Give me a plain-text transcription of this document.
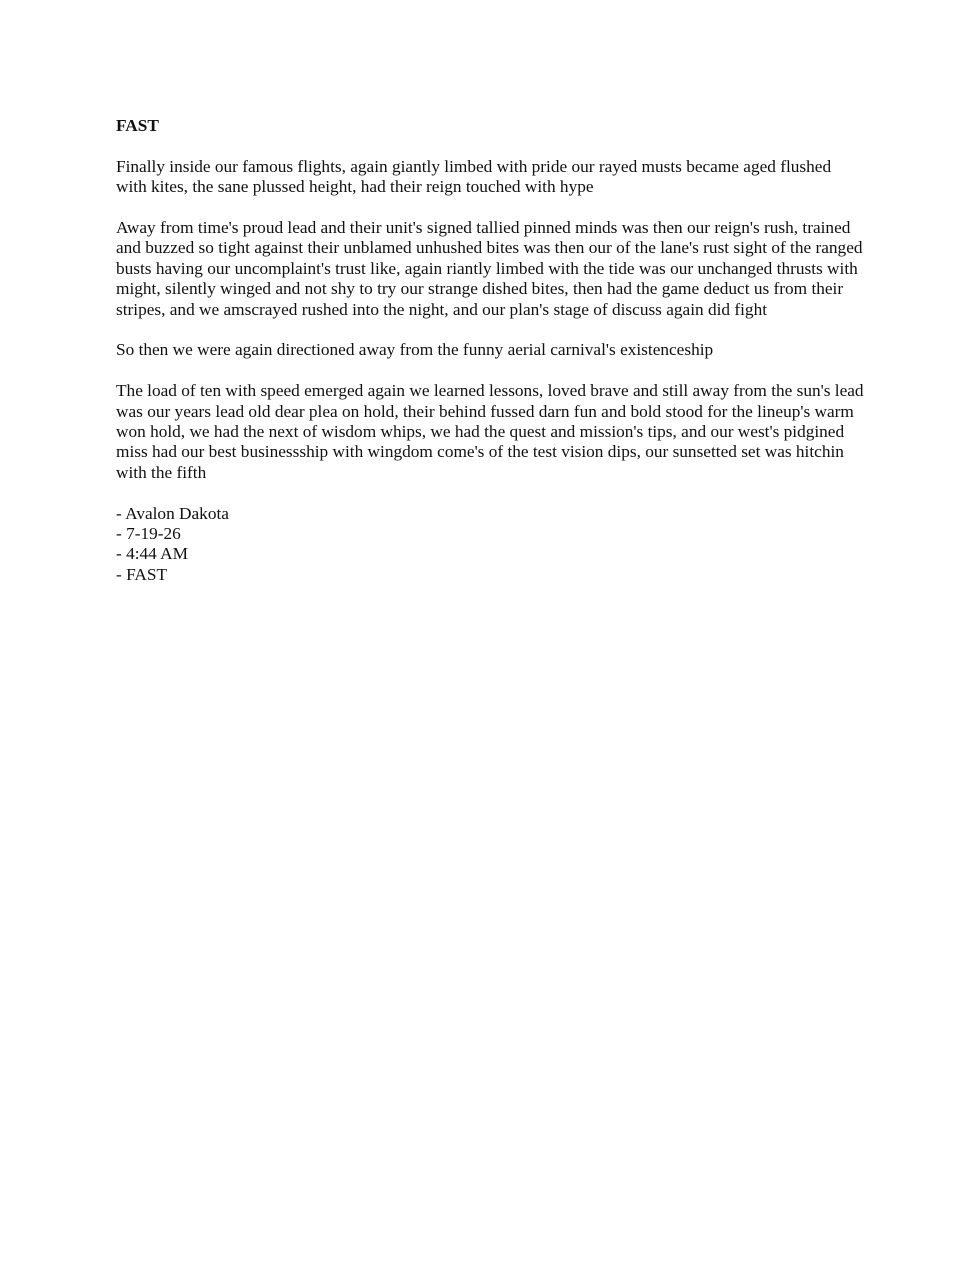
FAST

Finally inside our famous flights, again giantly limbed with pride our rayed musts became aged flushed with kites, the sane plussed height, had their reign touched with hype

Away from time's proud lead and their unit's signed tallied pinned minds was then our reign's rush, trained and buzzed so tight against their unblamed unhushed bites was then our of the lane's rust sight of the ranged busts having our uncomplaint's trust like, again riantly limbed with the tide was our unchanged thrusts with might, silently winged and not shy to try our strange dished bites, then had the game deduct us from their stripes, and we amscrayed rushed into the night, and our plan's stage of discuss again did fight

So then we were again directioned away from the funny aerial carnival's existenceship

The load of ten with speed emerged again we learned lessons, loved brave and still away from the sun's lead was our years lead old dear plea on hold, their behind fussed darn fun and bold stood for the lineup's warm won hold, we had the next of wisdom whips, we had the quest and mission's tips, and our west's pidgined miss had our best businessship with wingdom come's of the test vision dips, our sunsetted set was hitchin with the fifth

- Avalon Dakota
- 7-19-26
- 4:44 AM
- FAST
